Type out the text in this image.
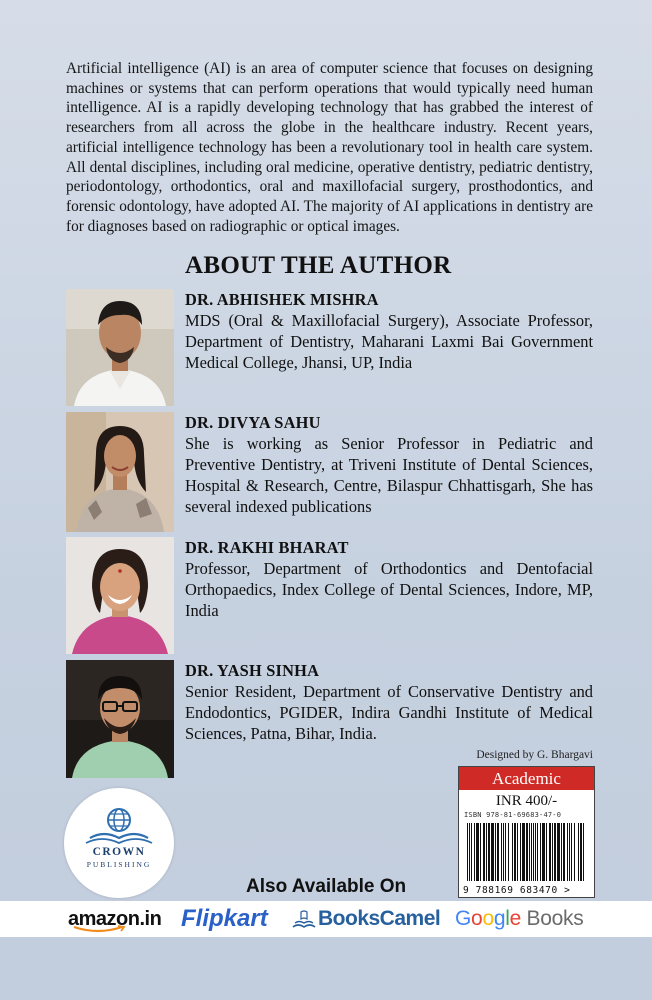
Artificial intelligence (AI) is an area of computer science that focuses on designing machines or systems that can perform operations that would typically need human intelligence. AI is a rapidly developing technology that has grabbed the interest of researchers from all across the globe in the healthcare industry. Recent years, artificial intelligence technology has been a revolutionary tool in health care system. All dental disciplines, including oral medicine, operative dentistry, pediatric dentistry, periodontology, orthodontics, oral and maxillofacial surgery, prosthodontics, and forensic odontology, have adopted AI. The majority of AI applications in dentistry are for diagnoses based on radiographic or optical images.
ABOUT THE AUTHOR
DR. ABHISHEK MISHRA
MDS (Oral & Maxillofacial Surgery), Associate Professor, Department of Dentistry, Maharani Laxmi Bai Government Medical College, Jhansi, UP, India
DR. DIVYA SAHU
She is working as Senior Professor in Pediatric and Preventive Dentistry, at Triveni Institute of Dental Sciences, Hospital & Research, Centre, Bilaspur Chhattisgarh, She has several indexed publications
DR. RAKHI BHARAT
Professor, Department of Orthodontics and Dentofacial Orthopaedics, Index College of Dental Sciences, Indore, MP, India
DR. YASH SINHA
Senior Resident, Department of Conservative Dentistry and Endodontics, PGIDER, Indira Gandhi Institute of Medical Sciences, Patna, Bihar, India.
Designed by G. Bhargavi
Academic
INR 400/-
ISBN 978-81-69683-47-0
9 788169 683470 >
CROWN
PUBLISHING
Also Available On
amazon.in Flipkart	BooksCamel Google Books
